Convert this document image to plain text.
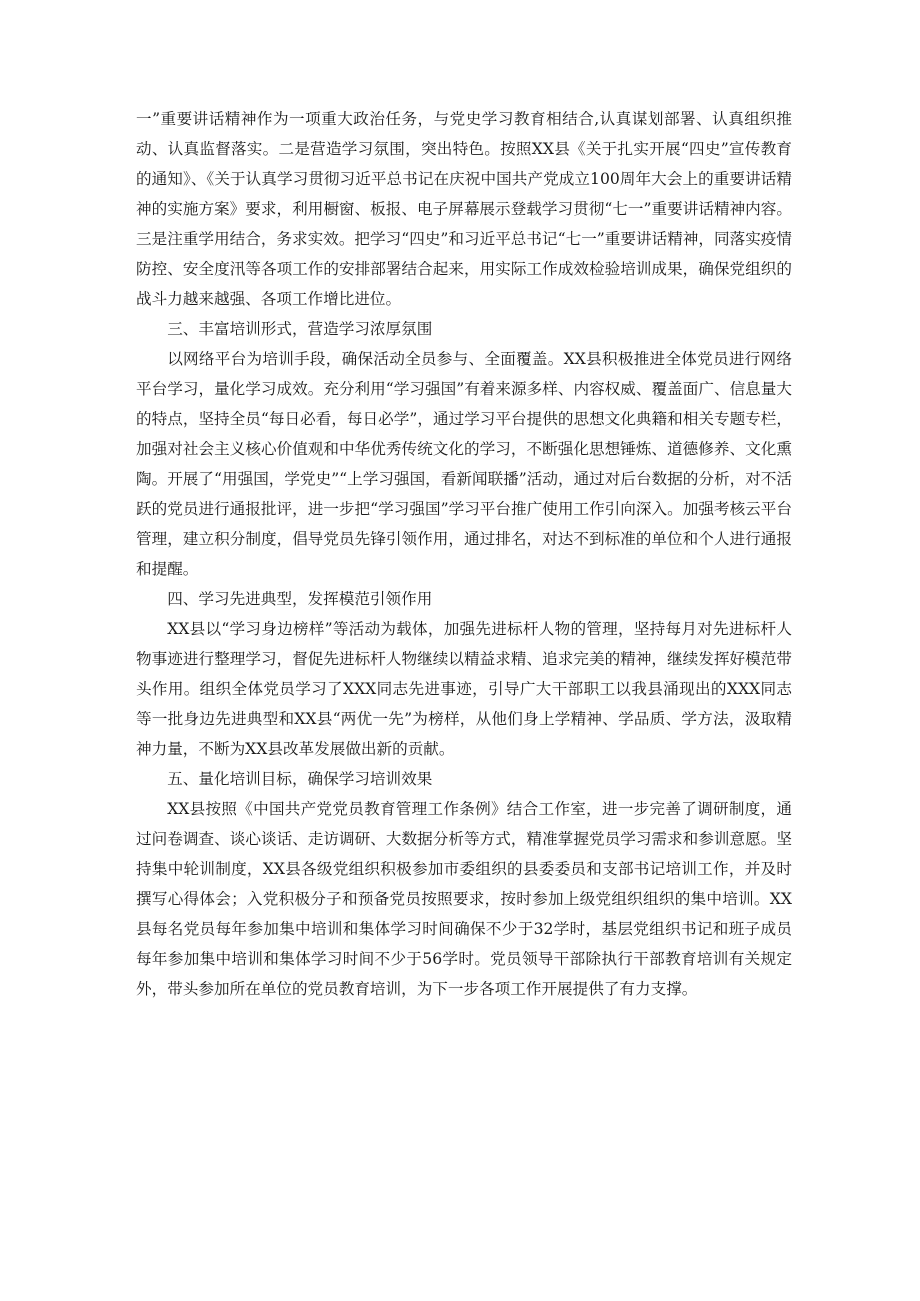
一”重要讲话精神作为一项重大政治任务，与党史学习教育相结合,认真谋划部署、认真组织推动、认真监督落实。二是营造学习氛围，突出特色。按照XX县《关于扎实开展“四史”宣传教育的通知》、《关于认真学习贯彻习近平总书记在庆祝中国共产党成立100周年大会上的重要讲话精神的实施方案》要求，利用橱窗、板报、电子屏幕展示登载学习贯彻“七一”重要讲话精神内容。三是注重学用结合，务求实效。把学习“四史”和习近平总书记“七一”重要讲话精神，同落实疫情防控、安全度汛等各项工作的安排部署结合起来，用实际工作成效检验培训成果，确保党组织的战斗力越来越强、各项工作增比进位。

三、丰富培训形式，营造学习浓厚氛围

以网络平台为培训手段，确保活动全员参与、全面覆盖。XX县积极推进全体党员进行网络平台学习，量化学习成效。充分利用“学习强国”有着来源多样、内容权威、覆盖面广、信息量大的特点，坚持全员“每日必看，每日必学”，通过学习平台提供的思想文化典籍和相关专题专栏，加强对社会主义核心价值观和中华优秀传统文化的学习，不断强化思想锤炼、道德修养、文化熏陶。开展了“用强国，学党史”“上学习强国，看新闻联播”活动，通过对后台数据的分析，对不活跃的党员进行通报批评，进一步把“学习强国”学习平台推广使用工作引向深入。加强考核云平台管理，建立积分制度，倡导党员先锋引领作用，通过排名，对达不到标准的单位和个人进行通报和提醒。

四、学习先进典型，发挥模范引领作用

XX县以“学习身边榜样”等活动为载体，加强先进标杆人物的管理，坚持每月对先进标杆人物事迹进行整理学习，督促先进标杆人物继续以精益求精、追求完美的精神，继续发挥好模范带头作用。组织全体党员学习了XXX同志先进事迹，引导广大干部职工以我县涌现出的XXX同志等一批身边先进典型和XX县“两优一先”为榜样，从他们身上学精神、学品质、学方法，汲取精神力量，不断为XX县改革发展做出新的贡献。

五、量化培训目标，确保学习培训效果

XX县按照《中国共产党党员教育管理工作条例》结合工作室，进一步完善了调研制度，通过问卷调查、谈心谈话、走访调研、大数据分析等方式，精准掌握党员学习需求和参训意愿。坚持集中轮训制度，XX县各级党组织积极参加市委组织的县委委员和支部书记培训工作，并及时撰写心得体会；入党积极分子和预备党员按照要求，按时参加上级党组织组织的集中培训。XX县每名党员每年参加集中培训和集体学习时间确保不少于32学时，基层党组织书记和班子成员每年参加集中培训和集体学习时间不少于56学时。党员领导干部除执行干部教育培训有关规定外，带头参加所在单位的党员教育培训，为下一步各项工作开展提供了有力支撑。
